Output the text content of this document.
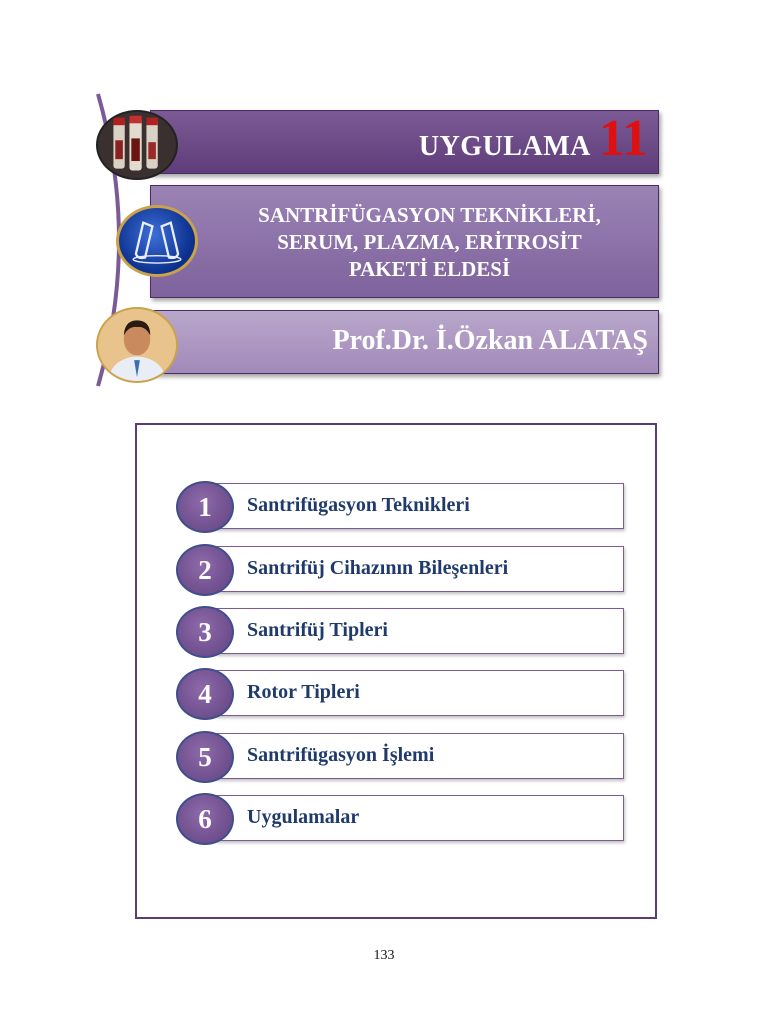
UYGULAMA 11
SANTRİFÜGASYON TEKNİKLERİ,
SERUM, PLAZMA, ERİTROSİT
PAKETİ ELDESİ
Prof.Dr. İ.Özkan ALATAŞ
Santrifügasyon Teknikleri
1
Santrifüj Cihazının Bileşenleri
2
Santrifüj Tipleri
3
Rotor Tipleri
4
Santrifügasyon İşlemi
5
Uygulamalar
6
133
